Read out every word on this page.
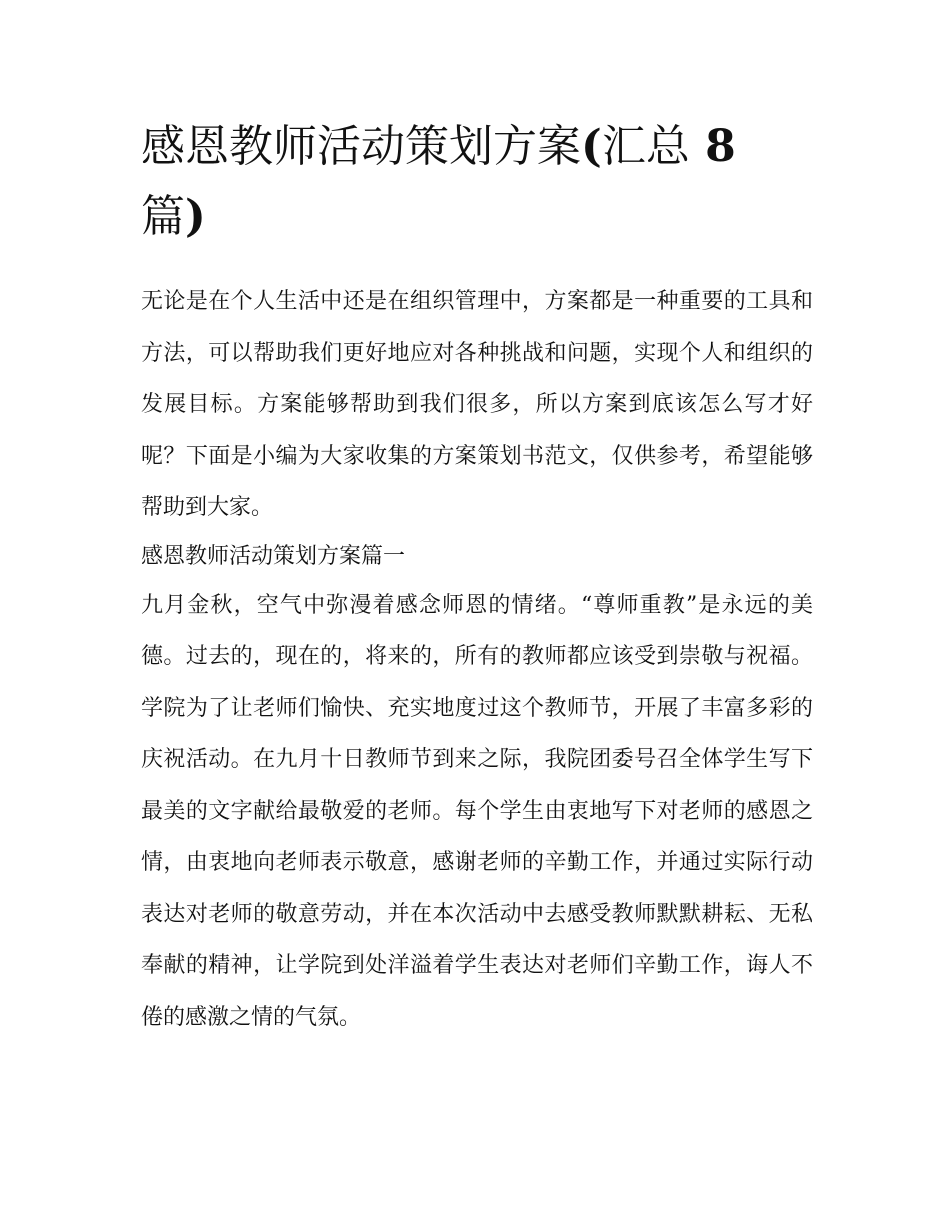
感恩教师活动策划方案(汇总 8
篇)

无论是在个人生活中还是在组织管理中，方案都是一种重要的工具和方法，可以帮助我们更好地应对各种挑战和问题，实现个人和组织的发展目标。方案能够帮助到我们很多，所以方案到底该怎么写才好呢？下面是小编为大家收集的方案策划书范文，仅供参考，希望能够帮助到大家。

感恩教师活动策划方案篇一

九月金秋，空气中弥漫着感念师恩的情绪。“尊师重教”是永远的美德。过去的，现在的，将来的，所有的教师都应该受到崇敬与祝福。学院为了让老师们愉快、充实地度过这个教师节，开展了丰富多彩的庆祝活动。在九月十日教师节到来之际，我院团委号召全体学生写下最美的文字献给最敬爱的老师。每个学生由衷地写下对老师的感恩之情，由衷地向老师表示敬意，感谢老师的辛勤工作，并通过实际行动表达对老师的敬意劳动，并在本次活动中去感受教师默默耕耘、无私奉献的精神，让学院到处洋溢着学生表达对老师们辛勤工作，诲人不倦的感激之情的气氛。
